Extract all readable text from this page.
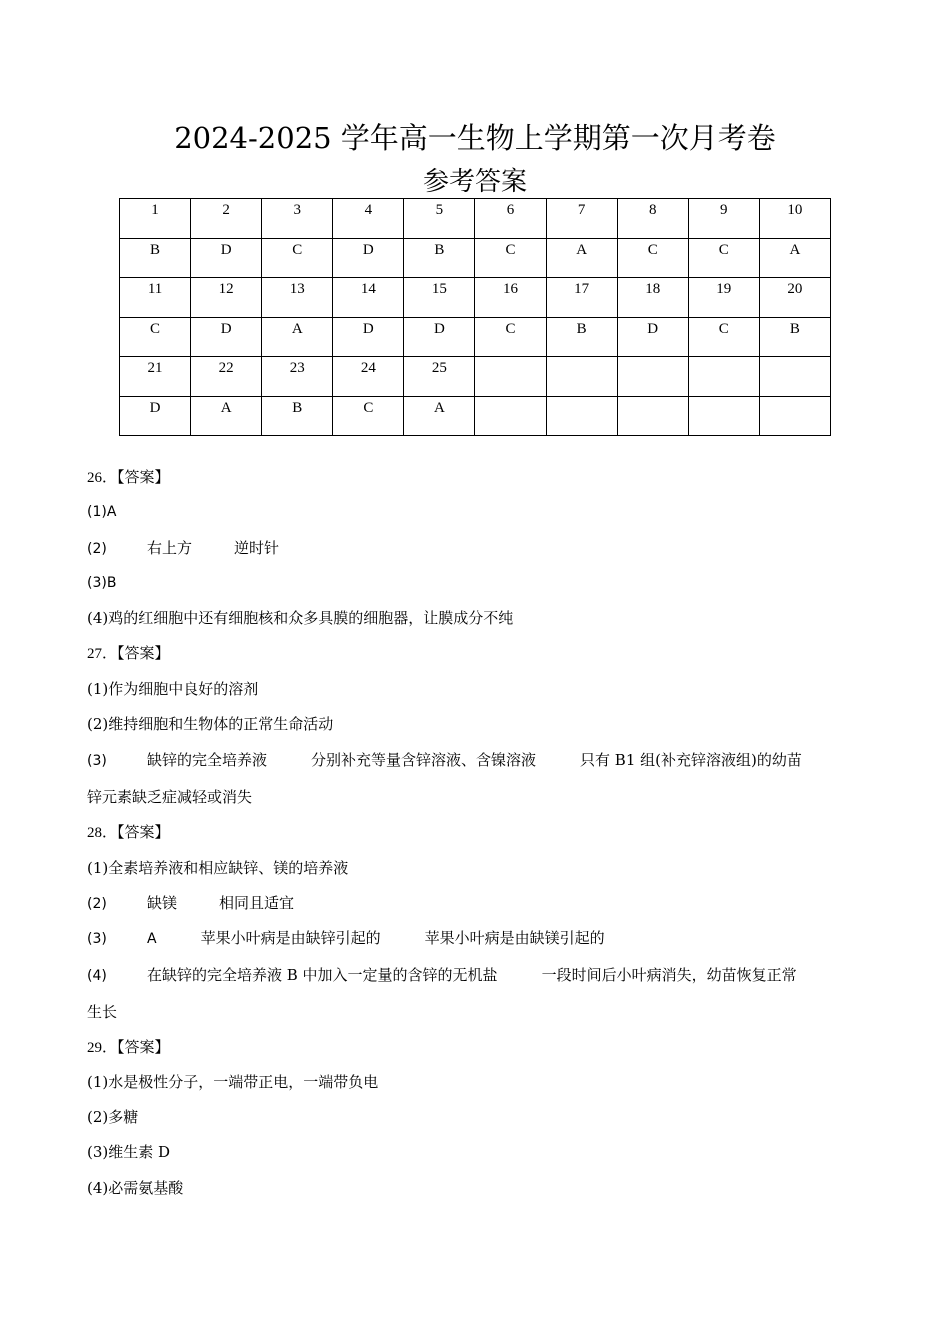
2024-2025 学年高一生物上学期第一次月考卷
参考答案
1	2	3	4	5	6	7	8	9	10
B	D	C	D	B	C	A	C	C	A
11	12	13	14	15	16	17	18	19	20
C	D	A	D	D	C	B	D	C	B
21	22	23	24	25					
D	A	B	C	A					
26．【答案】
(1)A
(2)	右上方	逆时针
(3)B
(4)鸡的红细胞中还有细胞核和众多具膜的细胞器，让膜成分不纯
27．【答案】
(1)作为细胞中良好的溶剂
(2)维持细胞和生物体的正常生命活动
(3)	缺锌的完全培养液	分别补充等量含锌溶液、含镍溶液	只有 B1 组(补充锌溶液组)的幼苗
锌元素缺乏症减轻或消失
28．【答案】
(1)全素培养液和相应缺锌、镁的培养液
(2)	缺镁	相同且适宜
(3)	A	苹果小叶病是由缺锌引起的	苹果小叶病是由缺镁引起的
(4)	在缺锌的完全培养液 B 中加入一定量的含锌的无机盐	一段时间后小叶病消失，幼苗恢复正常
生长
29．【答案】
(1)水是极性分子，一端带正电，一端带负电
(2)多糖
(3)维生素 D
(4)必需氨基酸
